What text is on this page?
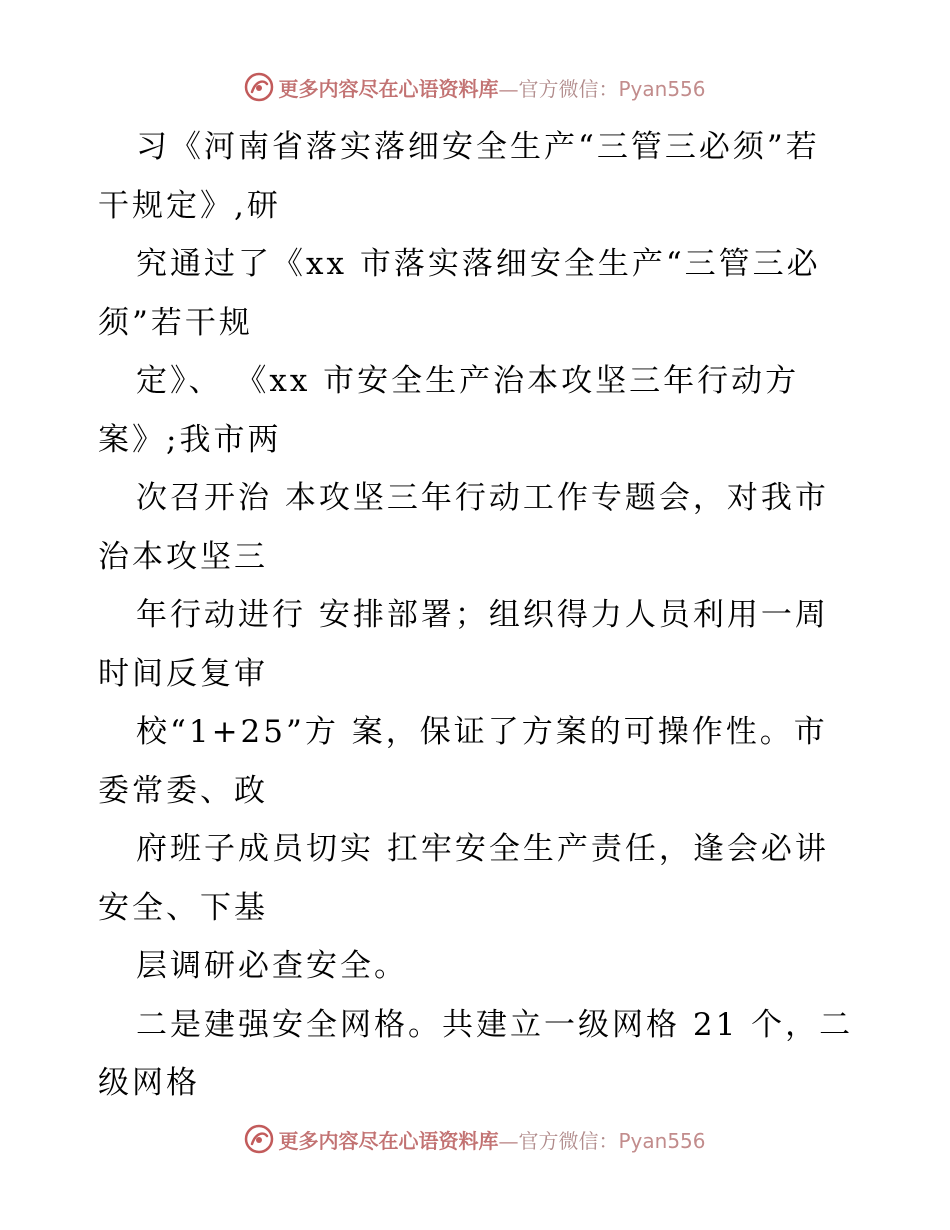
更多内容尽在心语资料库—官方微信：Pyan556
习《河南省落实落细安全生产“三管三必须”若
干规定》,研
究通过了《xx 市落实落细安全生产“三管三必
须”若干规
定》、 《xx 市安全生产治本攻坚三年行动方
案》;我市两
次召开治 本攻坚三年行动工作专题会，对我市
治本攻坚三
年行动进行 安排部署；组织得力人员利用一周
时间反复审
校“1+25”方 案，保证了方案的可操作性。市
委常委、政
府班子成员切实 扛牢安全生产责任，逢会必讲
安全、下基
层调研必查安全。
二是建强安全网格。共建立一级网格 21 个，二
级网格
更多内容尽在心语资料库—官方微信：Pyan556
